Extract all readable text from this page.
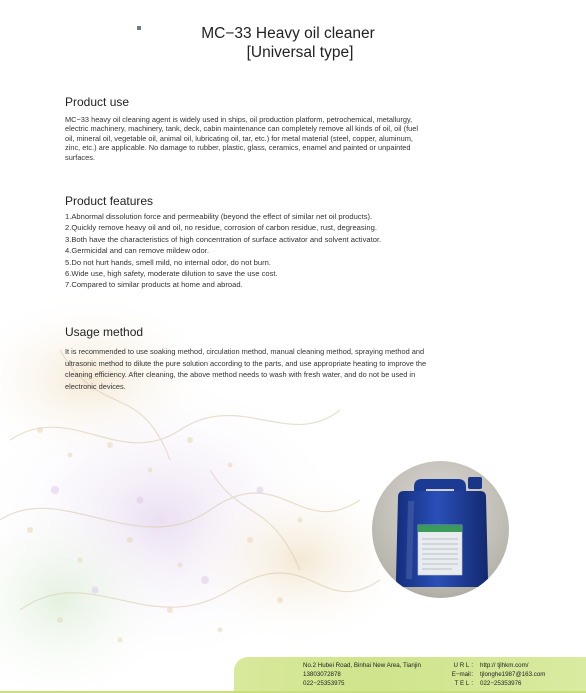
MC−33 Heavy oil cleaner
[Universal type]
Product use
MC−33 heavy oil cleaning agent is widely used in ships, oil production platform, petrochemical, metallurgy,
electric machinery, machinery, tank, deck, cabin maintenance can completely remove all kinds of oil, oil (fuel
oil, mineral oil, vegetable oil, animal oil, lubricating oil, tar, etc.) for metal material (steel, copper, aluminum,
zinc, etc.) are applicable. No damage to rubber, plastic, glass, ceramics, enamel and painted or unpainted
surfaces.
Product features
1.Abnormal dissolution force and permeability (beyond the effect of similar net oil products).
2.Quickly remove heavy oil and oil, no residue, corrosion of carbon residue, rust, degreasing.
3.Both have the characteristics of high concentration of surface activator and solvent activator.
4.Germicidal and can remove mildew odor.
5.Do not hurt hands, smell mild, no internal odor, do not burn.
6.Wide use, high safety, moderate dilution to save the use cost.
7.Compared to similar products at home and abroad.
Usage method
It is recommended to use soaking method, circulation method, manual cleaning method, spraying method and
ultrasonic method to dilute the pure solution according to the parts, and use appropriate heating to improve the
cleaning efficiency. After cleaning, the above method needs to wash with fresh water, and do not be used in
electronic devices.
No.2 Hubei Road, Binhai New Area, Tianjin
13803072878
022−25353975
U R L ：
E−mail：
T E L ：
http:// tjlhkm.com/
tjlonghe1987@163.com
022−25353976
